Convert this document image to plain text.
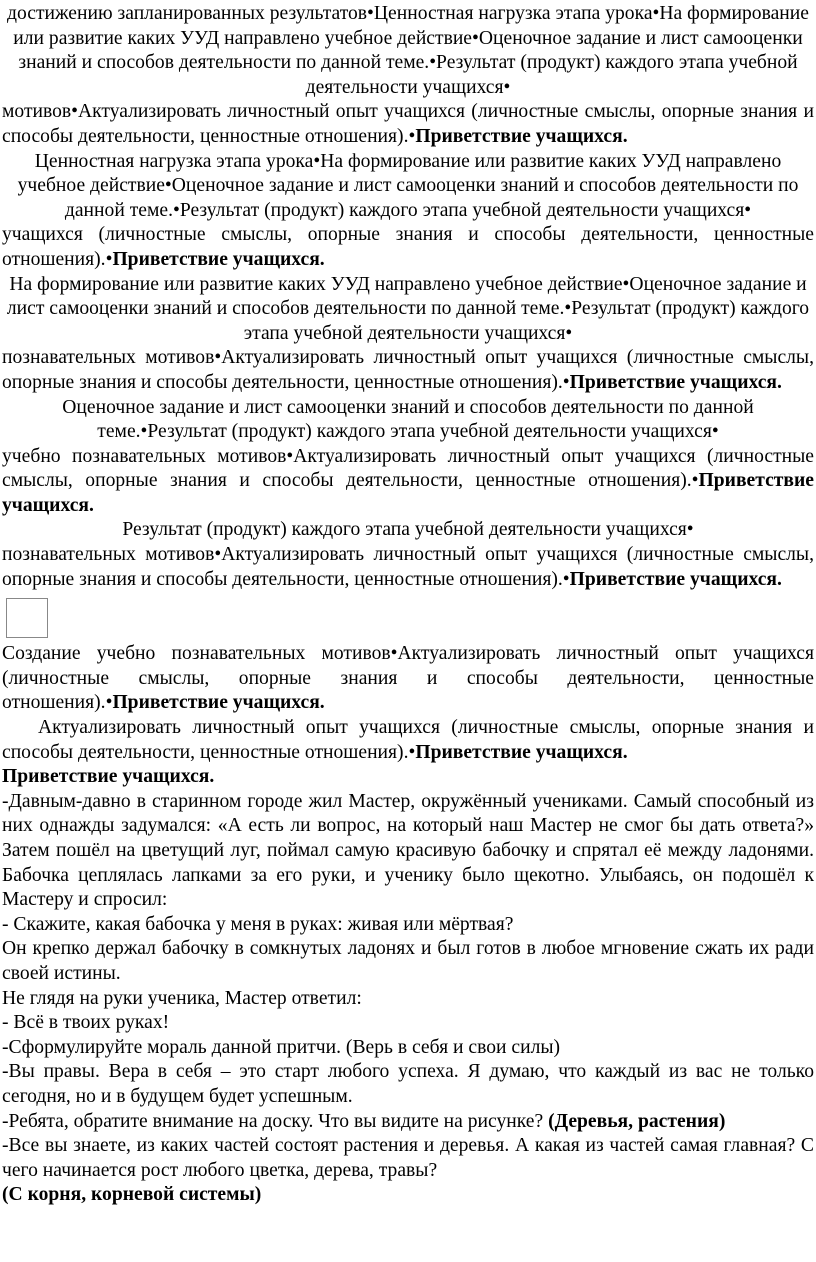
достижению запланированных результатов•Ценностная нагрузка этапа урока•На формирование или развитие каких УУД направлено учебное действие•Оценочное задание и лист самооценки знаний и способов деятельности по данной теме.•Результат (продукт) каждого этапа учебной деятельности учащихся•

мотивов•Актуализировать личностный опыт учащихся (личностные смыслы, опорные знания и способы деятельности, ценностные отношения).•Приветствие учащихся.

Ценностная нагрузка этапа урока•На формирование или развитие каких УУД направлено учебное действие•Оценочное задание и лист самооценки знаний и способов деятельности по данной теме.•Результат (продукт) каждого этапа учебной деятельности учащихся•

учащихся (личностные смыслы, опорные знания и способы деятельности, ценностные отношения).•Приветствие учащихся.

На формирование или развитие каких УУД направлено учебное действие•Оценочное задание и лист самооценки знаний и способов деятельности по данной теме.•Результат (продукт) каждого этапа учебной деятельности учащихся•

познавательных мотивов•Актуализировать личностный опыт учащихся (личностные смыслы, опорные знания и способы деятельности, ценностные отношения).•Приветствие учащихся.

Оценочное задание и лист самооценки знаний и способов деятельности по данной теме.•Результат (продукт) каждого этапа учебной деятельности учащихся•

учебно познавательных мотивов•Актуализировать личностный опыт учащихся (личностные смыслы, опорные знания и способы деятельности, ценностные отношения).•Приветствие учащихся.

Результат (продукт) каждого этапа учебной деятельности учащихся•

познавательных мотивов•Актуализировать личностный опыт учащихся (личностные смыслы, опорные знания и способы деятельности, ценностные отношения).•Приветствие учащихся.

Создание учебно познавательных мотивов•Актуализировать личностный опыт учащихся (личностные смыслы, опорные знания и способы деятельности, ценностные отношения).•Приветствие учащихся.

Актуализировать личностный опыт учащихся (личностные смыслы, опорные знания и способы деятельности, ценностные отношения).•Приветствие учащихся.

Приветствие учащихся.

-Давным-давно в старинном городе жил Мастер, окружённый учениками. Самый способный из них однажды задумался: «А есть ли вопрос, на который наш Мастер не смог бы дать ответа?» Затем пошёл на цветущий луг, поймал самую красивую бабочку и спрятал её между ладонями. Бабочка цеплялась лапками за его руки, и ученику было щекотно. Улыбаясь, он подошёл к Мастеру и спросил:

- Скажите, какая бабочка у меня в руках: живая или мёртвая?

Он крепко держал бабочку в сомкнутых ладонях и был готов в любое мгновение сжать их ради своей истины.

Не глядя на руки ученика, Мастер ответил:

- Всё в твоих руках!

-Сформулируйте мораль данной притчи. (Верь в себя и свои силы)

-Вы правы. Вера в себя – это старт любого успеха. Я думаю, что каждый из вас не только сегодня, но и в будущем будет успешным.

-Ребята, обратите внимание на доску. Что вы видите на рисунке? (Деревья, растения)

-Все вы знаете, из каких частей состоят растения и деревья. А какая из частей самая главная? С чего начинается рост любого цветка, дерева, травы?

(С корня, корневой системы)
